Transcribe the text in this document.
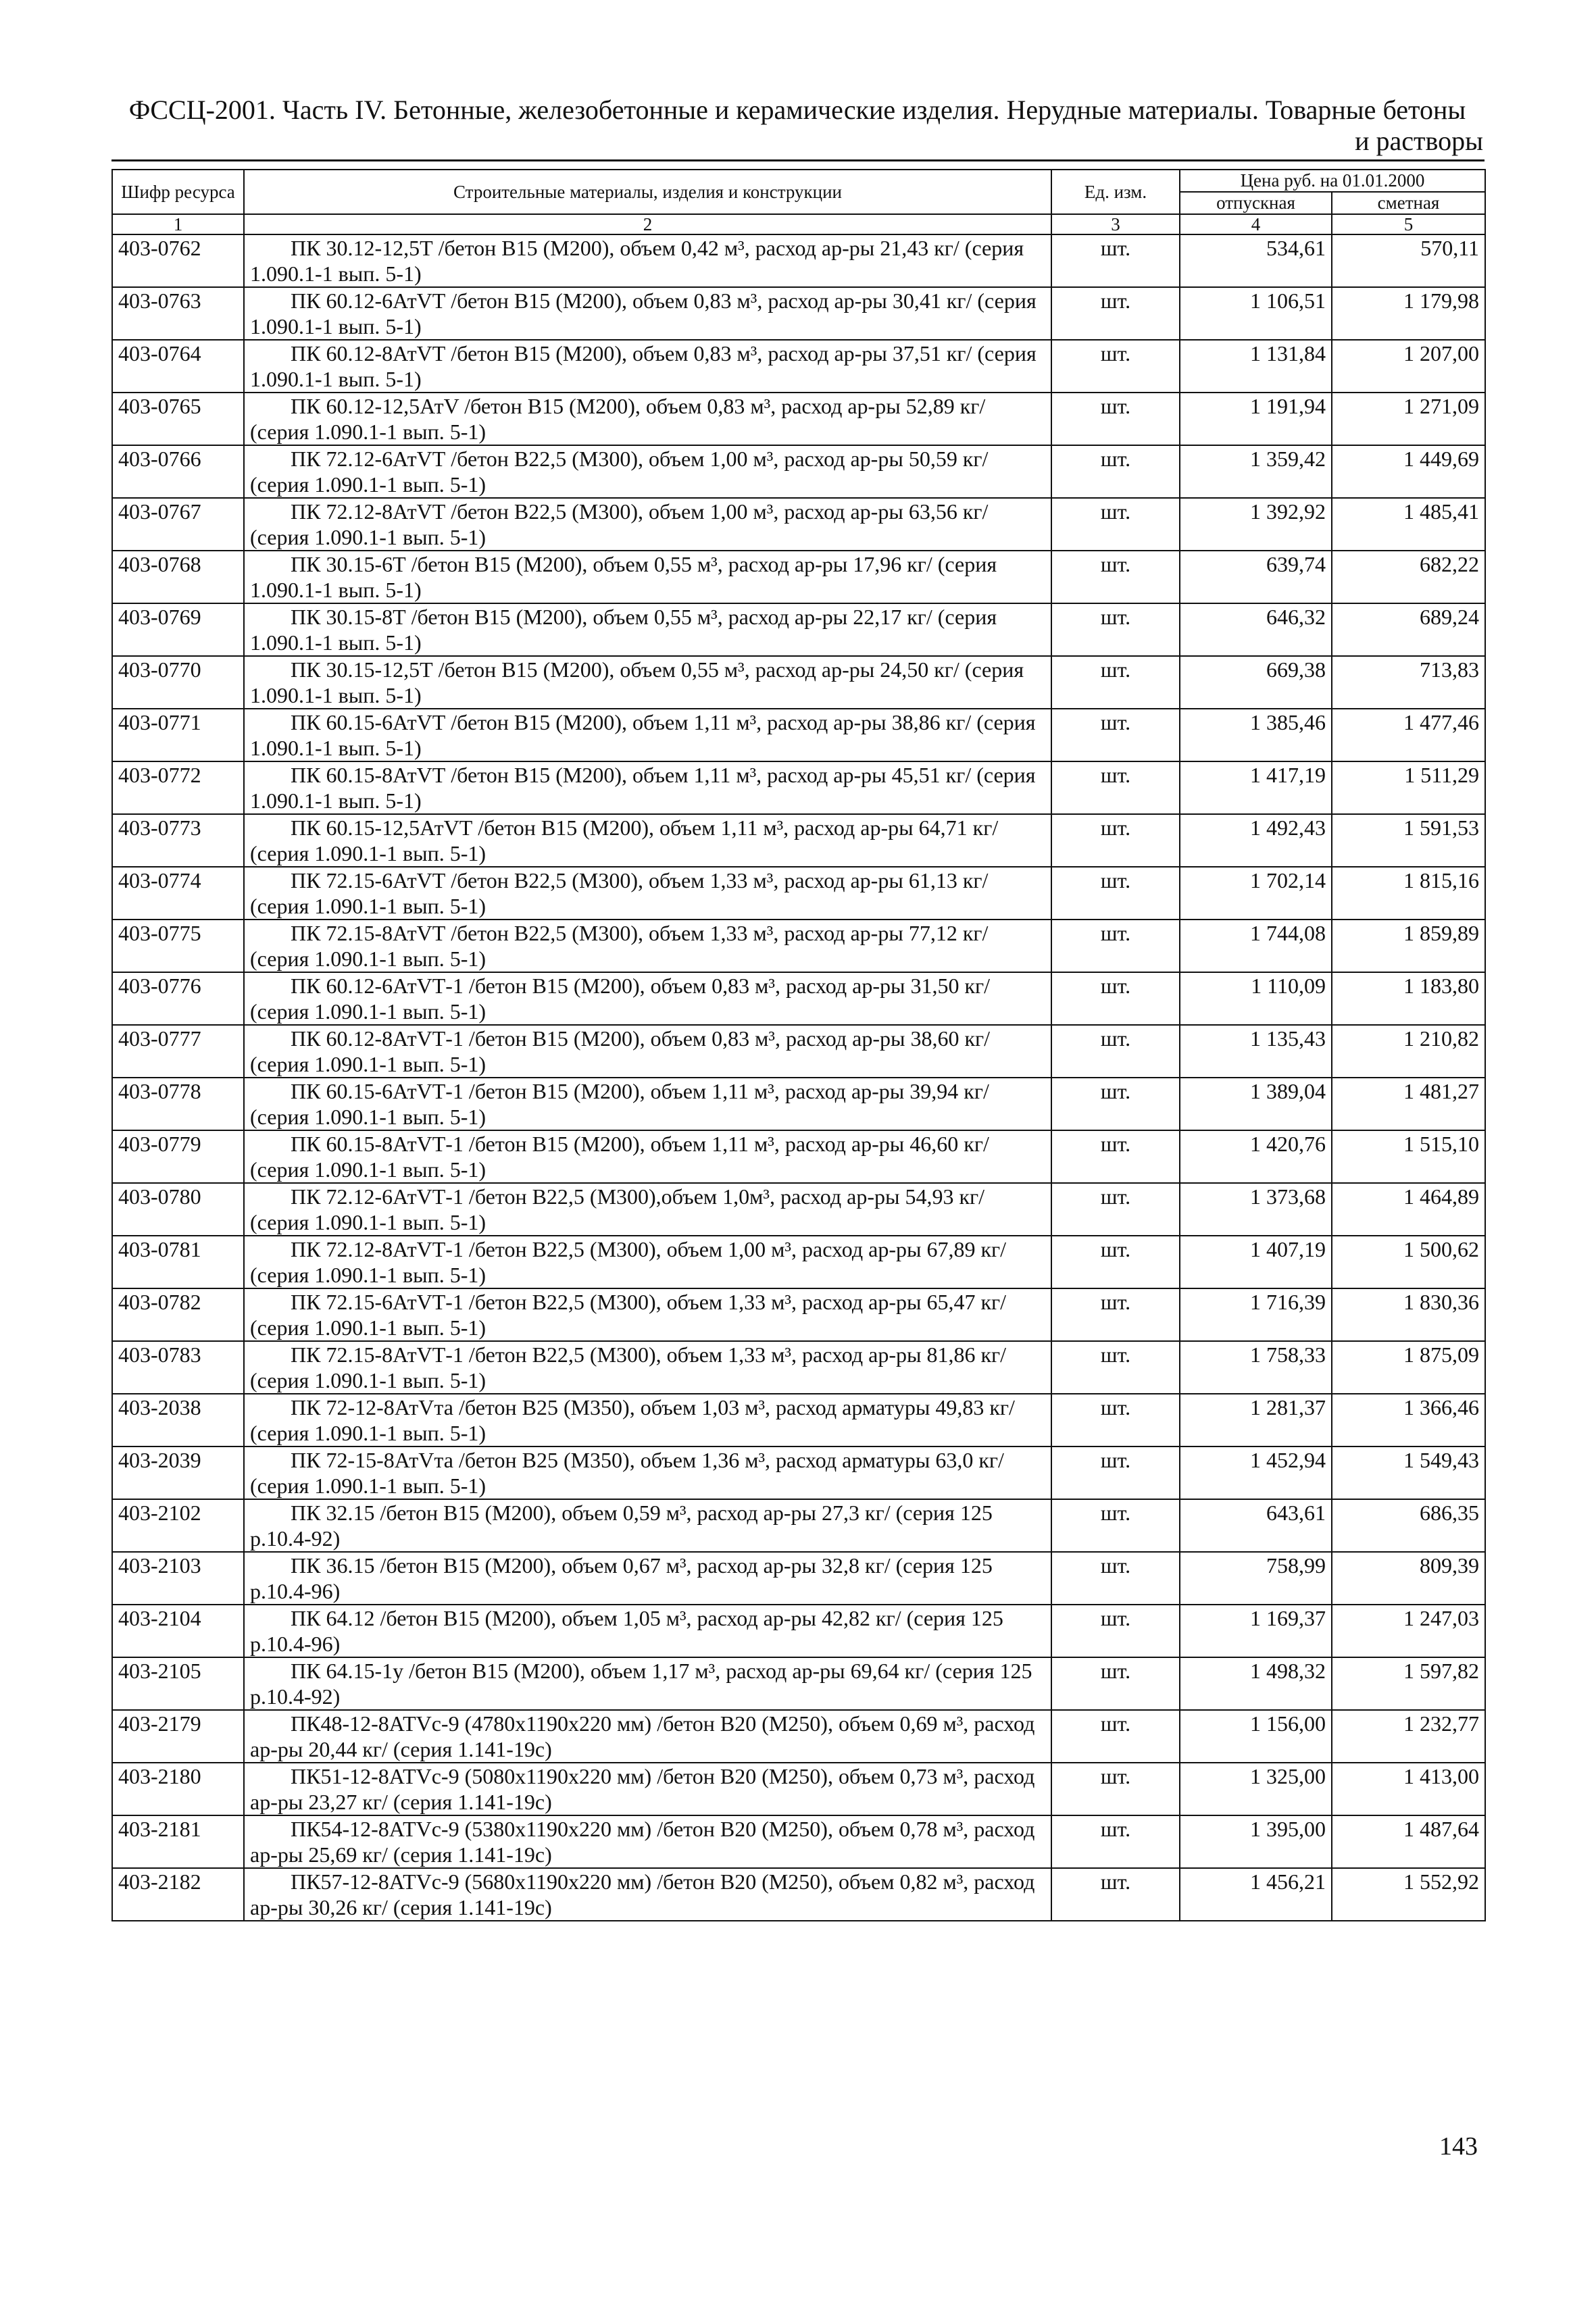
ФССЦ-2001. Часть IV. Бетонные, железобетонные и керамические изделия. Нерудные материалы. Товарные бетоны
и растворы
Шифр ресурса	Строительные материалы, изделия и конструкции	Ед. изм.	Цена руб. на 01.01.2000	
			отпускная	сметная
1	2	3	4	5
403-0762	ПК 30.12-12,5Т /бетон В15 (М200), объем 0,42 м³, расход ар-ры 21,43 кг/ (серия 1.090.1-1 вып. 5-1)	шт.	534,61	570,11
403-0763	ПК 60.12-6АтVТ /бетон В15 (М200), объем 0,83 м³, расход ар-ры 30,41 кг/ (серия 1.090.1-1 вып. 5-1)	шт.	1 106,51	1 179,98
403-0764	ПК 60.12-8АтVТ /бетон В15 (М200), объем 0,83 м³, расход ар-ры 37,51 кг/ (серия 1.090.1-1 вып. 5-1)	шт.	1 131,84	1 207,00
403-0765	ПК 60.12-12,5АтV /бетон В15 (М200), объем 0,83 м³, расход ар-ры 52,89 кг/ (серия 1.090.1-1 вып. 5-1)	шт.	1 191,94	1 271,09
403-0766	ПК 72.12-6АтVТ /бетон В22,5 (М300), объем 1,00 м³, расход ар-ры 50,59 кг/ (серия 1.090.1-1 вып. 5-1)	шт.	1 359,42	1 449,69
403-0767	ПК 72.12-8АтVТ /бетон В22,5 (М300), объем 1,00 м³, расход ар-ры 63,56 кг/ (серия 1.090.1-1 вып. 5-1)	шт.	1 392,92	1 485,41
403-0768	ПК 30.15-6Т /бетон В15 (М200), объем 0,55 м³, расход ар-ры 17,96 кг/ (серия 1.090.1-1 вып. 5-1)	шт.	639,74	682,22
403-0769	ПК 30.15-8Т /бетон В15 (М200), объем 0,55 м³, расход ар-ры 22,17 кг/ (серия 1.090.1-1 вып. 5-1)	шт.	646,32	689,24
403-0770	ПК 30.15-12,5Т /бетон В15 (М200), объем 0,55 м³, расход ар-ры 24,50 кг/ (серия 1.090.1-1 вып. 5-1)	шт.	669,38	713,83
403-0771	ПК 60.15-6АтVТ /бетон В15 (М200), объем 1,11 м³, расход ар-ры 38,86 кг/ (серия 1.090.1-1 вып. 5-1)	шт.	1 385,46	1 477,46
403-0772	ПК 60.15-8АтVТ /бетон В15 (М200), объем 1,11 м³, расход ар-ры 45,51 кг/ (серия 1.090.1-1 вып. 5-1)	шт.	1 417,19	1 511,29
403-0773	ПК 60.15-12,5АтVТ /бетон В15 (М200), объем 1,11 м³, расход ар-ры 64,71 кг/ (серия 1.090.1-1 вып. 5-1)	шт.	1 492,43	1 591,53
403-0774	ПК 72.15-6АтVТ /бетон В22,5 (М300), объем 1,33 м³, расход ар-ры 61,13 кг/ (серия 1.090.1-1 вып. 5-1)	шт.	1 702,14	1 815,16
403-0775	ПК 72.15-8АтVТ /бетон В22,5 (М300), объем 1,33 м³, расход ар-ры 77,12 кг/ (серия 1.090.1-1 вып. 5-1)	шт.	1 744,08	1 859,89
403-0776	ПК 60.12-6АтVТ-1 /бетон В15 (М200), объем 0,83 м³, расход ар-ры 31,50 кг/ (серия 1.090.1-1 вып. 5-1)	шт.	1 110,09	1 183,80
403-0777	ПК 60.12-8АтVТ-1 /бетон В15 (М200), объем 0,83 м³, расход ар-ры 38,60 кг/ (серия 1.090.1-1 вып. 5-1)	шт.	1 135,43	1 210,82
403-0778	ПК 60.15-6АтVТ-1 /бетон В15 (М200), объем 1,11 м³, расход ар-ры 39,94 кг/ (серия 1.090.1-1 вып. 5-1)	шт.	1 389,04	1 481,27
403-0779	ПК 60.15-8АтVТ-1 /бетон В15 (М200), объем 1,11 м³, расход ар-ры 46,60 кг/ (серия 1.090.1-1 вып. 5-1)	шт.	1 420,76	1 515,10
403-0780	ПК 72.12-6АтVТ-1 /бетон В22,5 (М300),объем 1,0м³, расход ар-ры 54,93 кг/ (серия 1.090.1-1 вып. 5-1)	шт.	1 373,68	1 464,89
403-0781	ПК 72.12-8АтVТ-1 /бетон В22,5 (М300), объем 1,00 м³, расход ар-ры 67,89 кг/ (серия 1.090.1-1 вып. 5-1)	шт.	1 407,19	1 500,62
403-0782	ПК 72.15-6АтVТ-1 /бетон В22,5 (М300), объем 1,33 м³, расход ар-ры 65,47 кг/ (серия 1.090.1-1 вып. 5-1)	шт.	1 716,39	1 830,36
403-0783	ПК 72.15-8АтVТ-1 /бетон В22,5 (М300), объем 1,33 м³, расход ар-ры 81,86 кг/ (серия 1.090.1-1 вып. 5-1)	шт.	1 758,33	1 875,09
403-2038	ПК 72-12-8АтVта /бетон В25 (М350), объем 1,03 м³, расход арматуры 49,83 кг/ (серия 1.090.1-1 вып. 5-1)	шт.	1 281,37	1 366,46
403-2039	ПК 72-15-8АтVта /бетон В25 (М350), объем 1,36 м³, расход арматуры 63,0 кг/ (серия 1.090.1-1 вып. 5-1)	шт.	1 452,94	1 549,43
403-2102	ПК 32.15 /бетон В15 (М200), объем 0,59 м³, расход ар-ры 27,3 кг/ (серия 125 р.10.4-92)	шт.	643,61	686,35
403-2103	ПК 36.15 /бетон В15 (М200), объем 0,67 м³, расход ар-ры 32,8 кг/ (серия 125 р.10.4-96)	шт.	758,99	809,39
403-2104	ПК 64.12 /бетон В15 (М200), объем 1,05 м³, расход ар-ры 42,82 кг/ (серия 125 р.10.4-96)	шт.	1 169,37	1 247,03
403-2105	ПК 64.15-1у /бетон В15 (М200), объем 1,17 м³, расход ар-ры 69,64 кг/ (серия 125 р.10.4-92)	шт.	1 498,32	1 597,82
403-2179	ПК48-12-8АТVс-9 (4780x1190x220 мм) /бетон В20 (М250), объем 0,69 м³, расход ар-ры 20,44 кг/ (серия 1.141-19с)	шт.	1 156,00	1 232,77
403-2180	ПК51-12-8АТVс-9 (5080x1190x220 мм) /бетон В20 (М250), объем 0,73 м³, расход ар-ры 23,27 кг/ (серия 1.141-19с)	шт.	1 325,00	1 413,00
403-2181	ПК54-12-8АТVс-9 (5380x1190x220 мм) /бетон В20 (М250), объем 0,78 м³, расход ар-ры 25,69 кг/ (серия 1.141-19с)	шт.	1 395,00	1 487,64
403-2182	ПК57-12-8АТVс-9 (5680x1190x220 мм) /бетон В20 (М250), объем 0,82 м³, расход ар-ры 30,26 кг/ (серия 1.141-19с)	шт.	1 456,21	1 552,92
143
